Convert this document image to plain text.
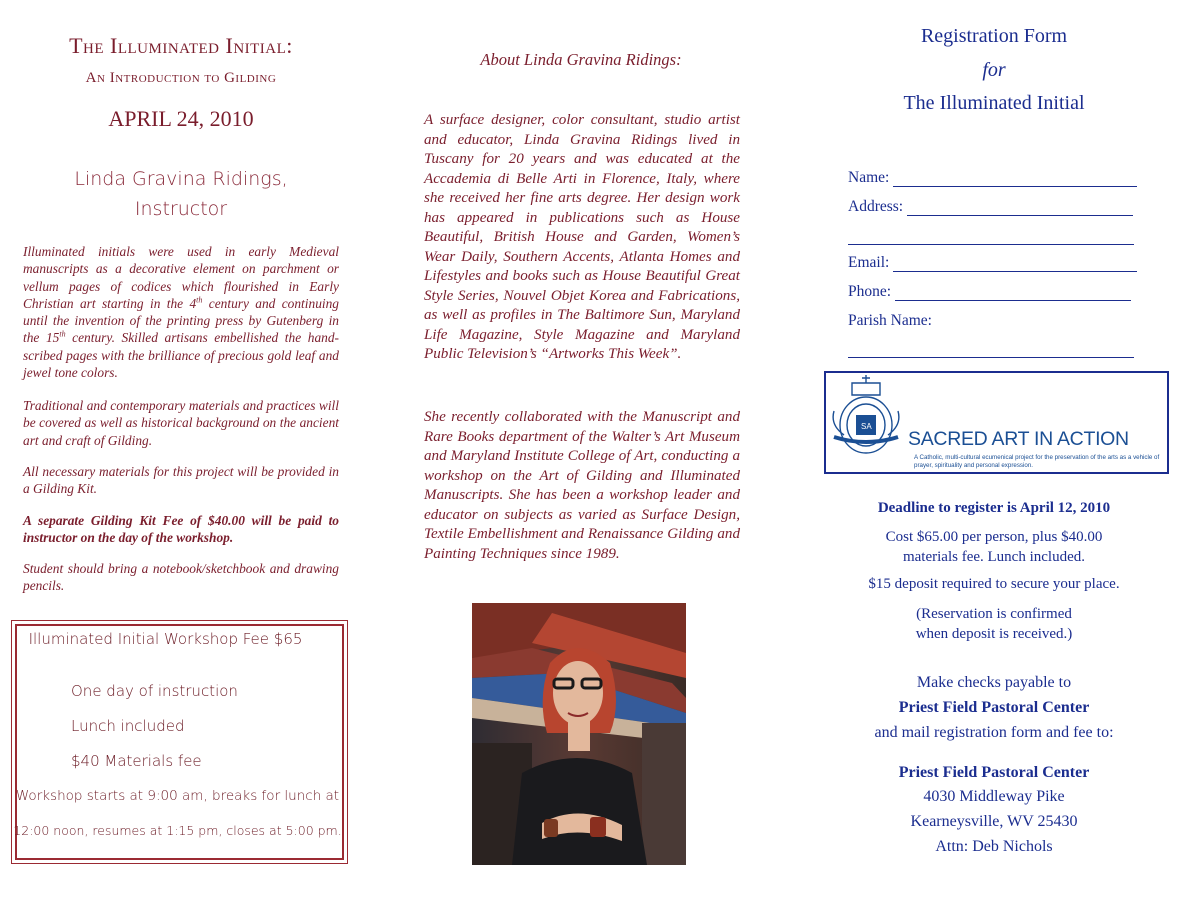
The Illuminated Initial:
An Introduction to Gilding
APRIL 24, 2010
Linda Gravina Ridings,
Instructor

Illuminated initials were used in early Medieval manuscripts as a decorative element on parchment or vellum pages of codices which flourished in Early Christian art starting in the 4th century and continuing until the invention of the printing press by Gutenberg in the 15th century. Skilled artisans embellished the hand-scribed pages with the brilliance of precious gold leaf and jewel tone colors.

Traditional and contemporary materials and practices will be covered as well as historical background on the ancient art and craft of Gilding.

All necessary materials for this project will be provided in a Gilding Kit.

A separate Gilding Kit Fee of $40.00 will be paid to instructor on the day of the workshop.

Student should bring a notebook/sketchbook and drawing pencils.

Illuminated Initial Workshop Fee $65
One day of instruction
Lunch included
$40 Materials fee
Workshop starts at 9:00 am, breaks for lunch at
12:00 noon, resumes at 1:15 pm, closes at 5:00 pm.
About Linda Gravina Ridings:

A surface designer, color consultant, studio artist and educator, Linda Gravina Ridings lived in Tuscany for 20 years and was educated at the Accademia di Belle Arti in Florence, Italy, where she received her fine arts degree. Her design work has appeared in publications such as House Beautiful, British House and Garden, Women’s Wear Daily, Southern Accents, Atlanta Homes and Lifestyles and books such as House Beautiful Great Style Series, Nouvel Objet Korea and Fabrications, as well as profiles in The Baltimore Sun, Maryland Life Magazine, Style Magazine and Maryland Public Television’s “Artworks This Week”.

She recently collaborated with the Manuscript and Rare Books department of the Walter’s Art Museum and Maryland Institute College of Art, conducting a workshop on the Art of Gilding and Illuminated Manuscripts. She has been a workshop leader and educator on subjects as varied as Surface Design, Textile Embellishment and Renaissance Gilding and Painting Techniques since 1989.

Registration Form
for
The Illuminated Initial
Name:
Address:
Email:
Phone:
Parish Name:
SA
SACRED ART IN ACTION
A Catholic, multi-cultural ecumenical project for the preservation of the arts as a vehicle of prayer, spirituality and personal expression.
Deadline to register is April 12, 2010
Cost $65.00 per person, plus $40.00
materials fee. Lunch included.
$15 deposit required to secure your place.
(Reservation is confirmed
when deposit is received.)
Make checks payable to
Priest Field Pastoral Center
and mail registration form and fee to:
Priest Field Pastoral Center
4030 Middleway Pike
Kearneysville, WV 25430
Attn: Deb Nichols
